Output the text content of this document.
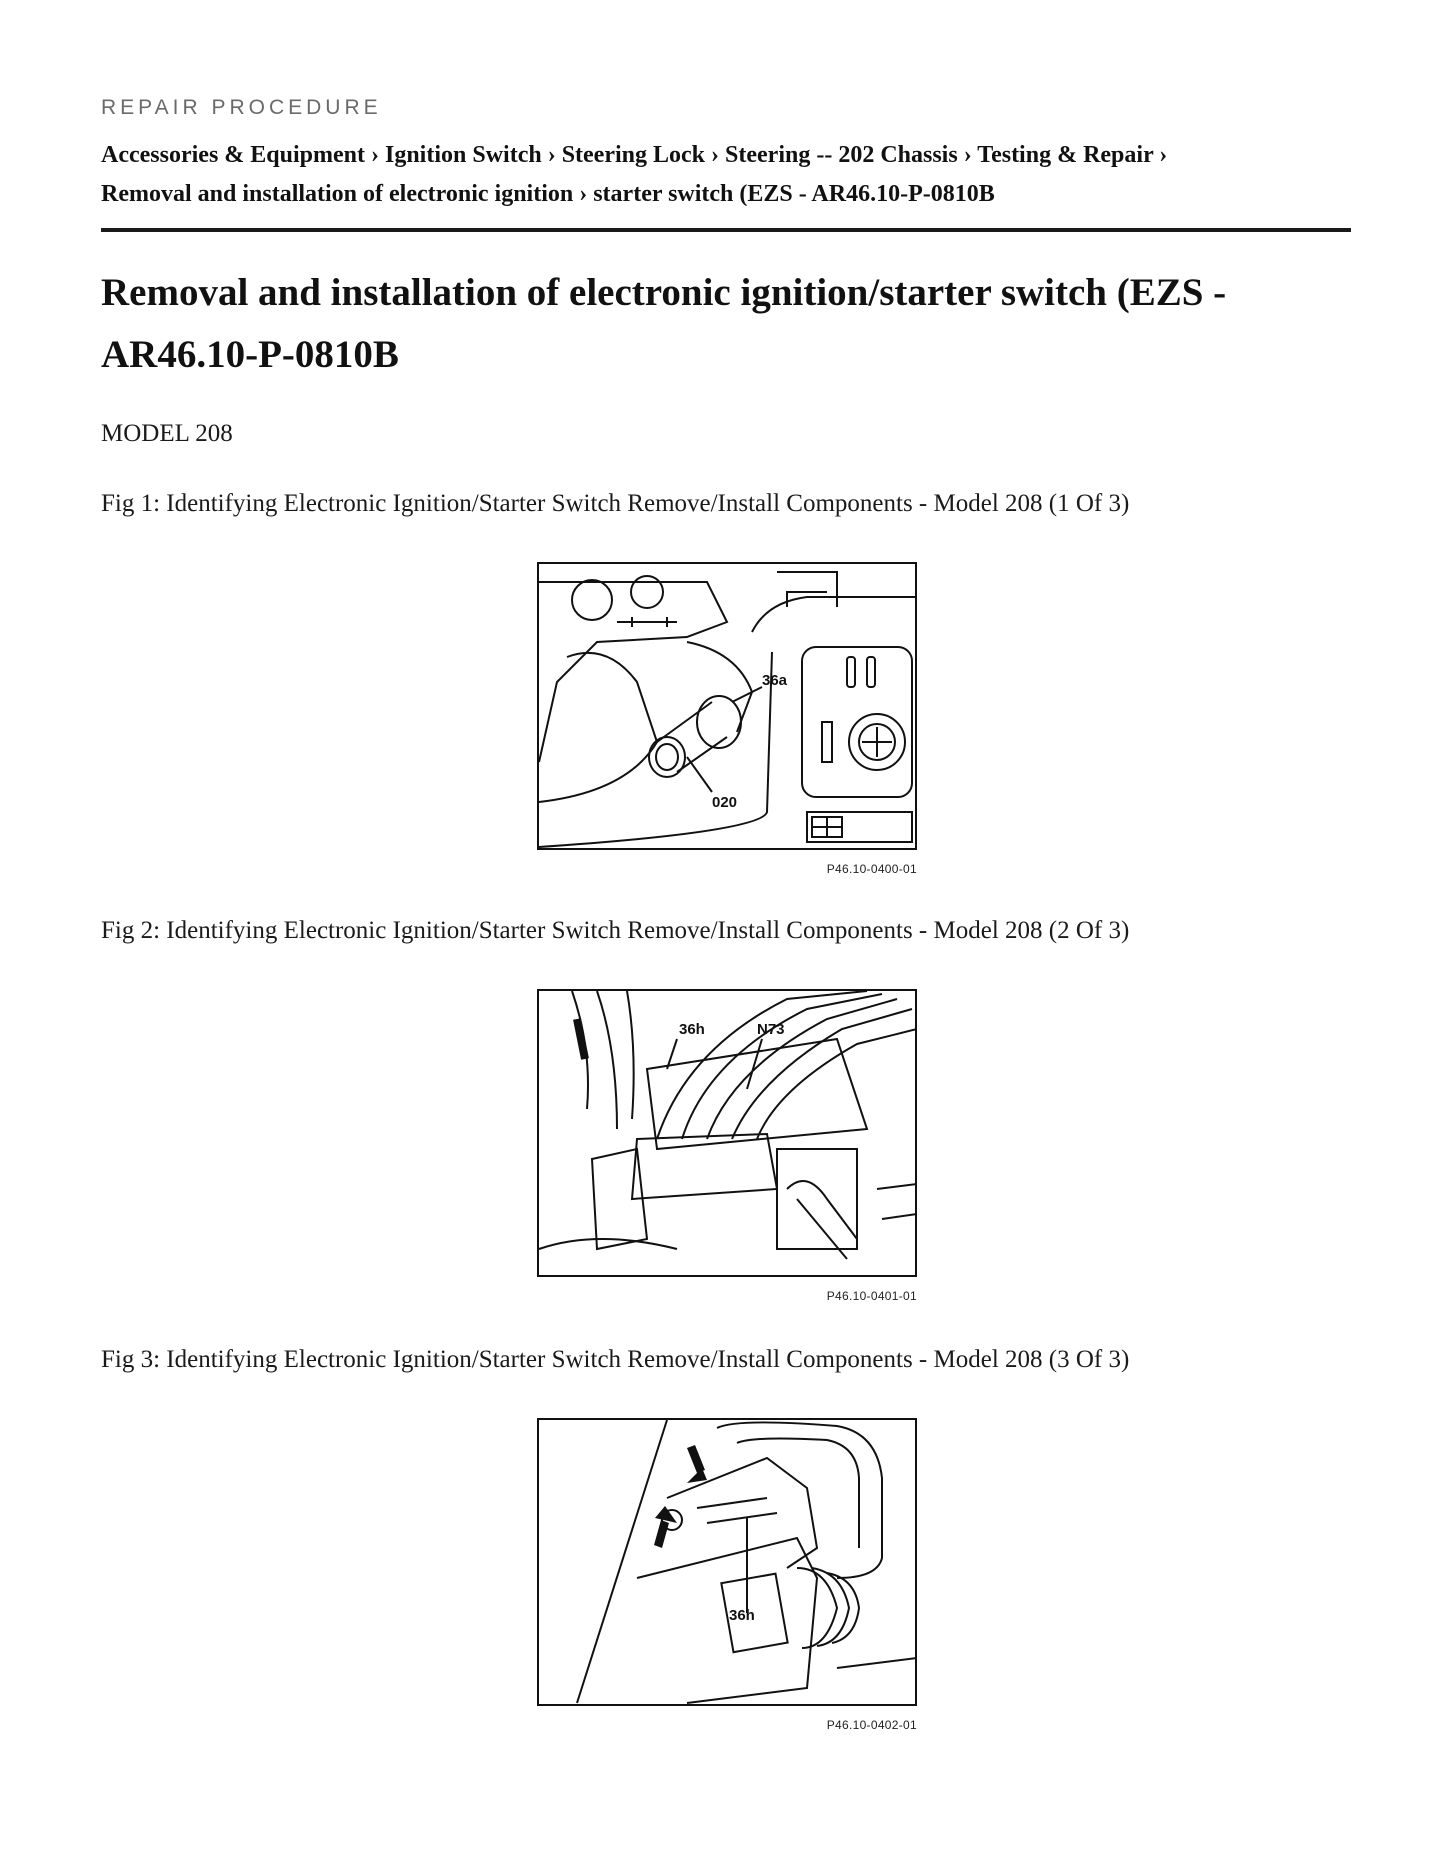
REPAIR PROCEDURE
Accessories & Equipment › Ignition Switch › Steering Lock › Steering -- 202 Chassis › Testing & Repair ›
Removal and installation of electronic ignition › starter switch (EZS - AR46.10-P-0810B
Removal and installation of electronic ignition/starter switch (EZS - AR46.10-P-0810B
MODEL 208
Fig 1: Identifying Electronic Ignition/Starter Switch Remove/Install Components - Model 208 (1 Of 3)
36a
020
P46.10-0400-01
Fig 2: Identifying Electronic Ignition/Starter Switch Remove/Install Components - Model 208 (2 Of 3)
36h	N73
P46.10-0401-01
Fig 3: Identifying Electronic Ignition/Starter Switch Remove/Install Components - Model 208 (3 Of 3)
36h
P46.10-0402-01
